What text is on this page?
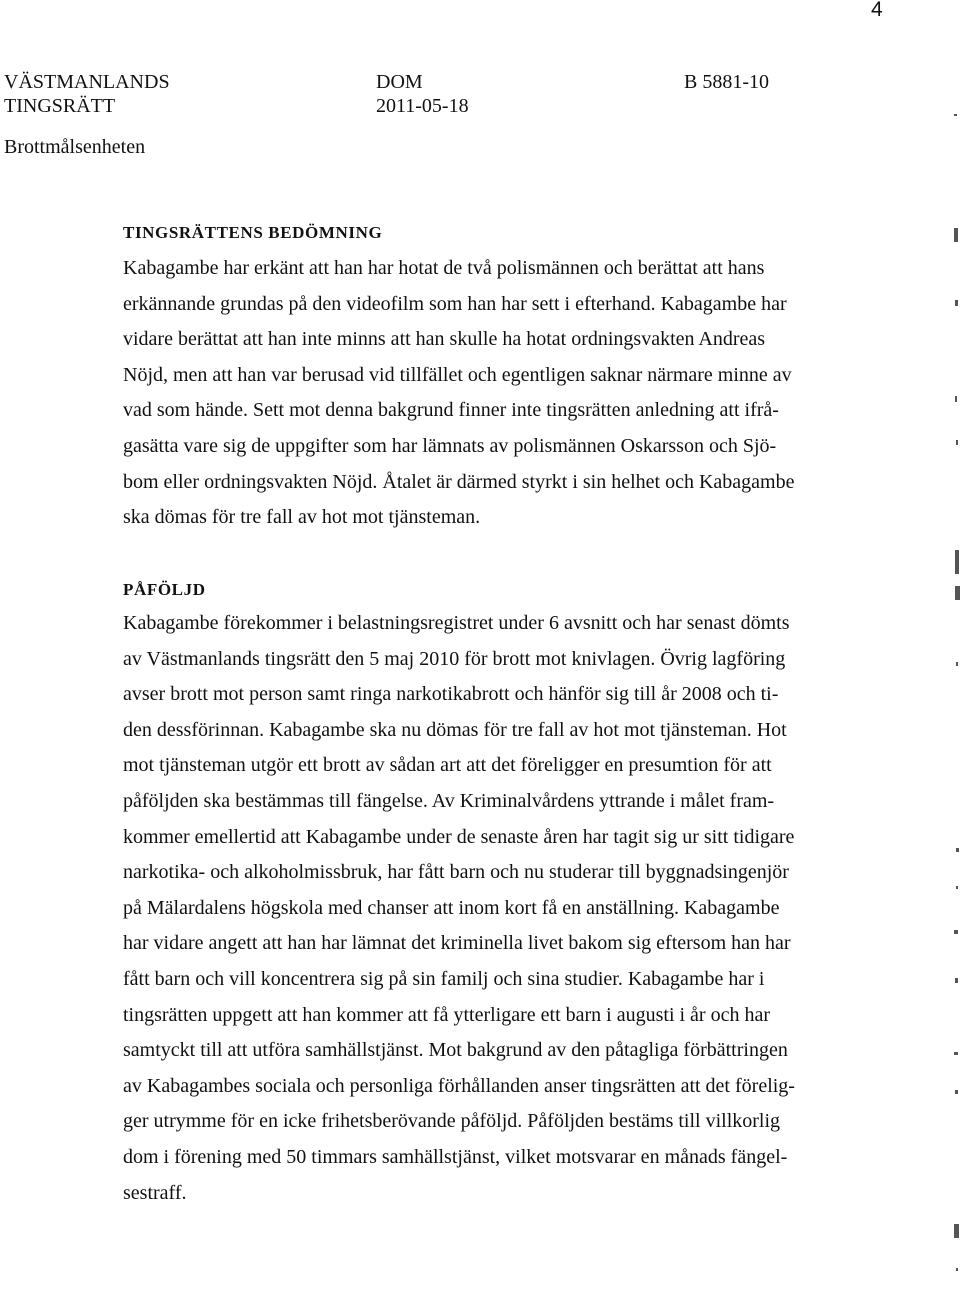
4
VÄSTMANLANDS
TINGSRÄTT
DOM
2011-05-18
B 5881-10
Brottmålsenheten
TINGSRÄTTENS BEDÖMNING
Kabagambe har erkänt att han har hotat de två polismännen och berättat att hans
erkännande grundas på den videofilm som han har sett i efterhand. Kabagambe har
vidare berättat att han inte minns att han skulle ha hotat ordningsvakten Andreas
Nöjd, men att han var berusad vid tillfället och egentligen saknar närmare minne av
vad som hände. Sett mot denna bakgrund finner inte tingsrätten anledning att ifrå-
gasätta vare sig de uppgifter som har lämnats av polismännen Oskarsson och Sjö-
bom eller ordningsvakten Nöjd. Åtalet är därmed styrkt i sin helhet och Kabagambe
ska dömas för tre fall av hot mot tjänsteman.
PÅFÖLJD
Kabagambe förekommer i belastningsregistret under 6 avsnitt och har senast dömts
av Västmanlands tingsrätt den 5 maj 2010 för brott mot knivlagen. Övrig lagföring
avser brott mot person samt ringa narkotikabrott och hänför sig till år 2008 och ti-
den dessförinnan. Kabagambe ska nu dömas för tre fall av hot mot tjänsteman. Hot
mot tjänsteman utgör ett brott av sådan art att det föreligger en presumtion för att
påföljden ska bestämmas till fängelse. Av Kriminalvårdens yttrande i målet fram-
kommer emellertid att Kabagambe under de senaste åren har tagit sig ur sitt tidigare
narkotika- och alkoholmissbruk, har fått barn och nu studerar till byggnadsingenjör
på Mälardalens högskola med chanser att inom kort få en anställning. Kabagambe
har vidare angett att han har lämnat det kriminella livet bakom sig eftersom han har
fått barn och vill koncentrera sig på sin familj och sina studier. Kabagambe har i
tingsrätten uppgett att han kommer att få ytterligare ett barn i augusti i år och har
samtyckt till att utföra samhällstjänst. Mot bakgrund av den påtagliga förbättringen
av Kabagambes sociala och personliga förhållanden anser tingsrätten att det förelig-
ger utrymme för en icke frihetsberövande påföljd. Påföljden bestäms till villkorlig
dom i förening med 50 timmars samhällstjänst, vilket motsvarar en månads fängel-
sestraff.
